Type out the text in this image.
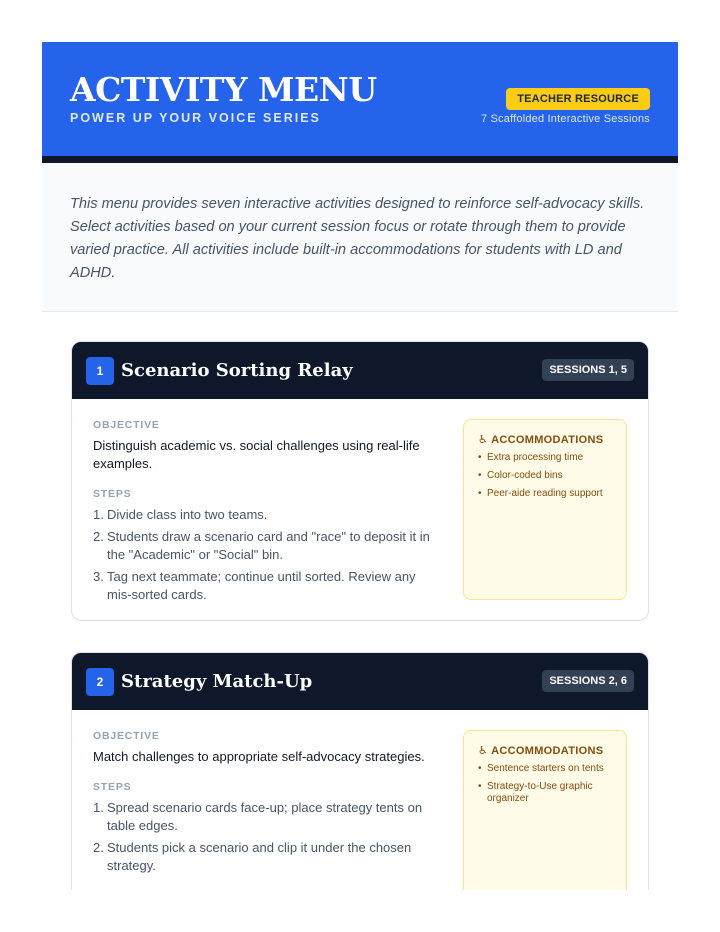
ACTIVITY MENU
POWER UP YOUR VOICE SERIES
TEACHER RESOURCE
7 Scaffolded Interactive Sessions

This menu provides seven interactive activities designed to reinforce self-advocacy skills. Select activities based on your current session focus or rotate through them to provide varied practice. All activities include built-in accommodations for students with LD and ADHD.

1 Scenario Sorting Relay	SESSIONS 1, 5
OBJECTIVE
Distinguish academic vs. social challenges using real-life examples.
STEPS
1. Divide class into two teams.
2. Students draw a scenario card and "race" to deposit it in the "Academic" or "Social" bin.
3. Tag next teammate; continue until sorted. Review any mis-sorted cards.
♿ ACCOMMODATIONS
• Extra processing time
• Color-coded bins
• Peer-aide reading support
2 Strategy Match-Up	SESSIONS 2, 6
OBJECTIVE
Match challenges to appropriate self-advocacy strategies.
STEPS
1. Spread scenario cards face-up; place strategy tents on table edges.
2. Students pick a scenario and clip it under the chosen strategy.
♿ ACCOMMODATIONS
• Sentence starters on tents
• Strategy-to-Use graphic organizer
